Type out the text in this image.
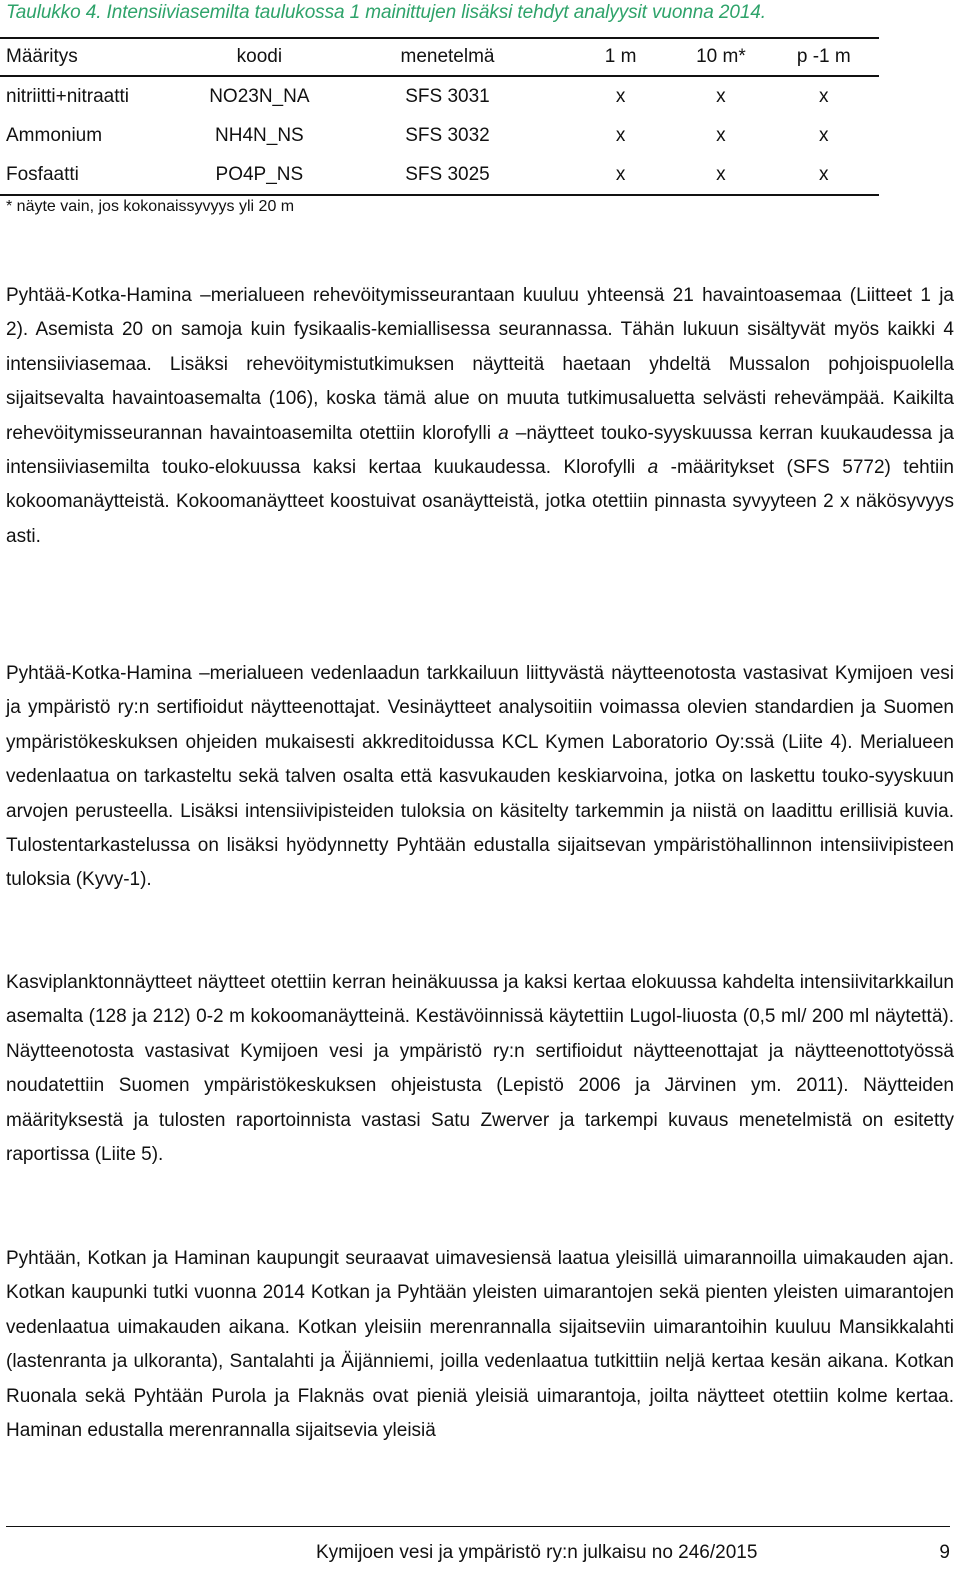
Taulukko 4. Intensiiviasemilta taulukossa 1 mainittujen lisäksi tehdyt analyysit vuonna 2014.
Määritys	koodi	menetelmä	1 m	10 m*	p -1 m
nitriitti+nitraatti	NO23N_NA	SFS 3031	x	x	x
Ammonium	NH4N_NS	SFS 3032	x	x	x
Fosfaatti	PO4P_NS	SFS 3025	x	x	x
* näyte vain, jos kokonaissyvyys yli 20 m

Pyhtää-Kotka-Hamina –merialueen rehevöitymisseurantaan kuuluu yhteensä 21 havaintoasemaa (Liitteet 1 ja 2). Asemista 20 on samoja kuin fysikaalis-kemiallisessa seurannassa. Tähän lukuun sisältyvät myös kaikki 4 intensiiviasemaa. Lisäksi rehevöitymistutkimuksen näytteitä haetaan yhdeltä Mussalon pohjoispuolella sijaitsevalta havaintoasemalta (106), koska tämä alue on muuta tutkimusaluetta selvästi rehevämpää. Kaikilta rehevöitymisseurannan havaintoasemilta otettiin klorofylli a –näytteet touko-syyskuussa kerran kuukaudessa ja intensiiviasemilta touko-elokuussa kaksi kertaa kuukaudessa. Klorofylli a -määritykset (SFS 5772) tehtiin kokoomanäytteistä. Kokoomanäytteet koostuivat osanäytteistä, jotka otettiin pinnasta syvyyteen 2 x näkösyvyys asti.

Pyhtää-Kotka-Hamina –merialueen vedenlaadun tarkkailuun liittyvästä näytteenotosta vastasivat Kymijoen vesi ja ympäristö ry:n sertifioidut näytteenottajat. Vesinäytteet analysoitiin voimassa olevien standardien ja Suomen ympäristökeskuksen ohjeiden mukaisesti akkreditoidussa KCL Kymen Laboratorio Oy:ssä (Liite 4). Merialueen vedenlaatua on tarkasteltu sekä talven osalta että kasvukauden keskiarvoina, jotka on laskettu touko-syyskuun arvojen perusteella. Lisäksi intensiivipisteiden tuloksia on käsitelty tarkemmin ja niistä on laadittu erillisiä kuvia. Tulostentarkastelussa on lisäksi hyödynnetty Pyhtään edustalla sijaitsevan ympäristöhallinnon intensiivipisteen tuloksia (Kyvy-1).

Kasviplanktonnäytteet näytteet otettiin kerran heinäkuussa ja kaksi kertaa elokuussa kahdelta intensiivitarkkailun asemalta (128 ja 212) 0-2 m kokoomanäytteinä. Kestävöinnissä käytettiin Lugol-liuosta (0,5 ml/ 200 ml näytettä). Näytteenotosta vastasivat Kymijoen vesi ja ympäristö ry:n sertifioidut näytteenottajat ja näytteenottotyössä noudatettiin Suomen ympäristökeskuksen ohjeistusta (Lepistö 2006 ja Järvinen ym. 2011). Näytteiden määrityksestä ja tulosten raportoinnista vastasi Satu Zwerver ja tarkempi kuvaus menetelmistä on esitetty raportissa (Liite 5).

Pyhtään, Kotkan ja Haminan kaupungit seuraavat uimavesiensä laatua yleisillä uimarannoilla uimakauden ajan. Kotkan kaupunki tutki vuonna 2014 Kotkan ja Pyhtään yleisten uimarantojen sekä pienten yleisten uimarantojen vedenlaatua uimakauden aikana. Kotkan yleisiin merenrannalla sijaitseviin uimarantoihin kuuluu Mansikkalahti (lastenranta ja ulkoranta), Santalahti ja Äijänniemi, joilla vedenlaatua tutkittiin neljä kertaa kesän aikana. Kotkan Ruonala sekä Pyhtään Purola ja Flaknäs ovat pieniä yleisiä uimarantoja, joilta näytteet otettiin kolme kertaa. Haminan edustalla merenrannalla sijaitsevia yleisiä

Kymijoen vesi ja ympäristö ry:n julkaisu no 246/2015	9
